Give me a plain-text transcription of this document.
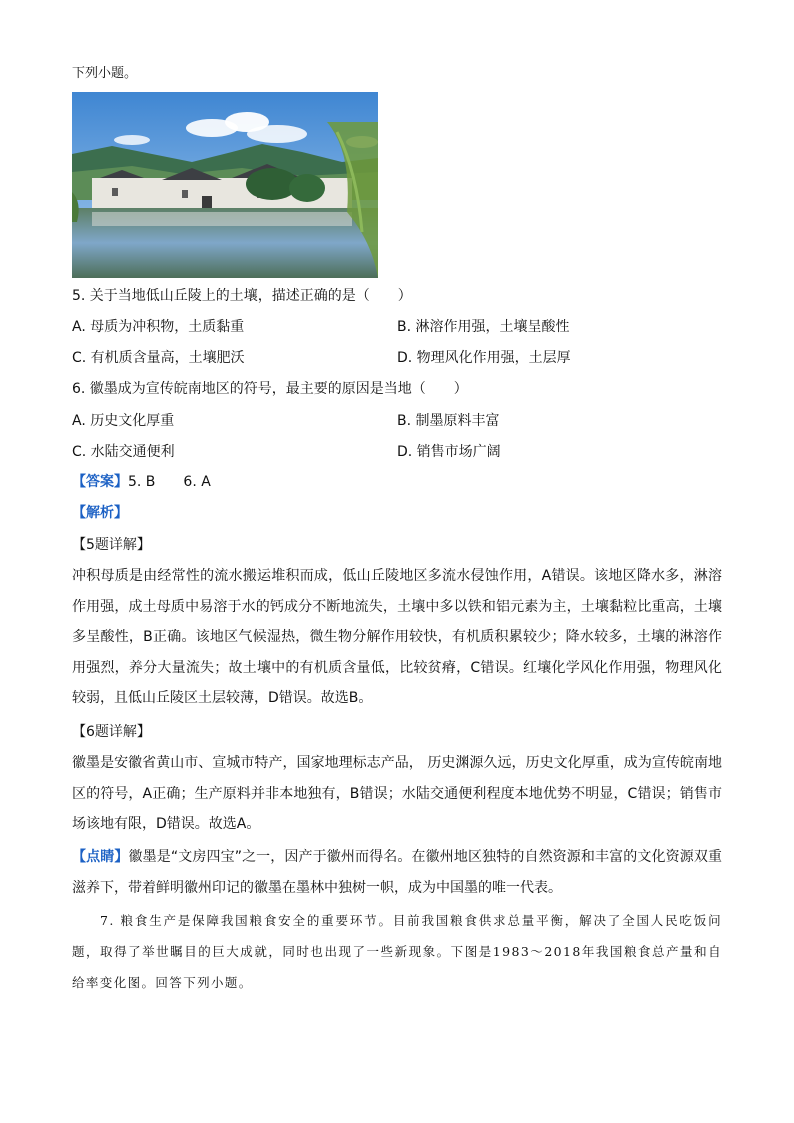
下列小题。
5. 关于当地低山丘陵上的土壤，描述正确的是（　　）
A. 母质为冲积物，土质黏重	B. 淋溶作用强，土壤呈酸性
C. 有机质含量高，土壤肥沃	D. 物理风化作用强，土层厚
6. 徽墨成为宣传皖南地区的符号，最主要的原因是当地（　　）
A. 历史文化厚重	B. 制墨原料丰富
C. 水陆交通便利	D. 销售市场广阔
【答案】5. B　　6. A
【解析】
【5题详解】
冲积母质是由经常性的流水搬运堆积而成，低山丘陵地区多流水侵蚀作用，A错误。该地区降水多，淋溶作用强，成土母质中易溶于水的钙成分不断地流失，土壤中多以铁和铝元素为主，土壤黏粒比重高，土壤多呈酸性，B正确。该地区气候湿热，微生物分解作用较快，有机质积累较少；降水较多，土壤的淋溶作用强烈，养分大量流失；故土壤中的有机质含量低，比较贫瘠，C错误。红壤化学风化作用强，物理风化较弱，且低山丘陵区土层较薄，D错误。故选B。
【6题详解】
徽墨是安徽省黄山市、宣城市特产，国家地理标志产品， 历史渊源久远，历史文化厚重，成为宣传皖南地区的符号，A正确；生产原料并非本地独有，B错误；水陆交通便利程度本地优势不明显，C错误；销售市场该地有限，D错误。故选A。
【点睛】徽墨是“文房四宝”之一，因产于徽州而得名。在徽州地区独特的自然资源和丰富的文化资源双重滋养下，带着鲜明徽州印记的徽墨在墨林中独树一帜，成为中国墨的唯一代表。
7. 粮食生产是保障我国粮食安全的重要环节。目前我国粮食供求总量平衡，解决了全国人民吃饭问题，取得了举世瞩目的巨大成就，同时也出现了一些新现象。下图是1983～2018年我国粮食总产量和自给率变化图。回答下列小题。
